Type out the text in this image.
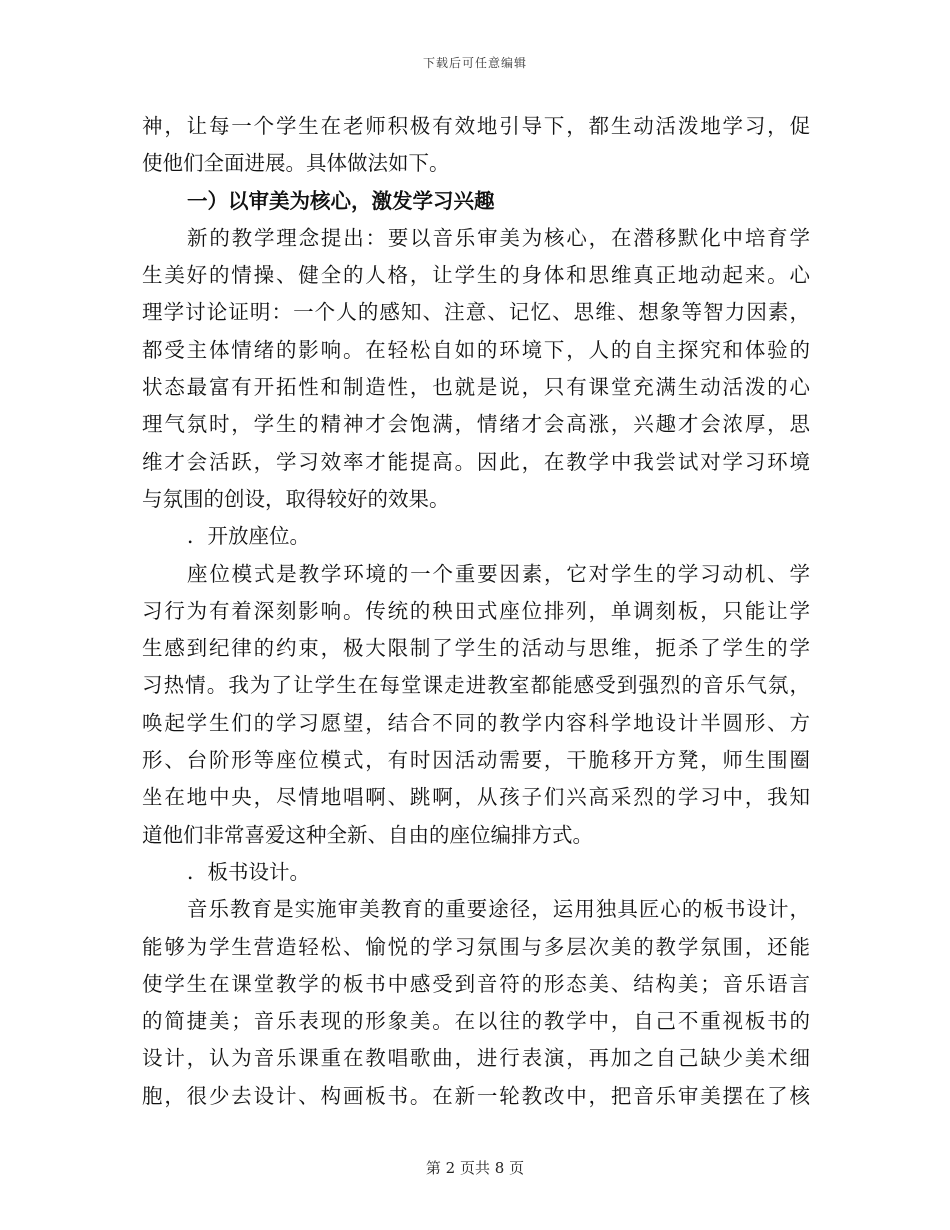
下载后可任意编辑
神，让每一个学生在老师积极有效地引导下，都生动活泼地学习，促
使他们全面进展。具体做法如下。
一）以审美为核心，激发学习兴趣
新的教学理念提出：要以音乐审美为核心，在潜移默化中培育学
生美好的情操、健全的人格，让学生的身体和思维真正地动起来。心
理学讨论证明：一个人的感知、注意、记忆、思维、想象等智力因素，
都受主体情绪的影响。在轻松自如的环境下，人的自主探究和体验的
状态最富有开拓性和制造性，也就是说，只有课堂充满生动活泼的心
理气氛时，学生的精神才会饱满，情绪才会高涨，兴趣才会浓厚，思
维才会活跃，学习效率才能提高。因此，在教学中我尝试对学习环境
与氛围的创设，取得较好的效果。
．开放座位。
座位模式是教学环境的一个重要因素，它对学生的学习动机、学
习行为有着深刻影响。传统的秧田式座位排列，单调刻板，只能让学
生感到纪律的约束，极大限制了学生的活动与思维，扼杀了学生的学
习热情。我为了让学生在每堂课走进教室都能感受到强烈的音乐气氛，
唤起学生们的学习愿望，结合不同的教学内容科学地设计半圆形、方
形、台阶形等座位模式，有时因活动需要，干脆移开方凳，师生围圈
坐在地中央，尽情地唱啊、跳啊，从孩子们兴高采烈的学习中，我知
道他们非常喜爱这种全新、自由的座位编排方式。
．板书设计。
音乐教育是实施审美教育的重要途径，运用独具匠心的板书设计，
能够为学生营造轻松、愉悦的学习氛围与多层次美的教学氛围，还能
使学生在课堂教学的板书中感受到音符的形态美、结构美；音乐语言
的简捷美；音乐表现的形象美。在以往的教学中，自己不重视板书的
设计，认为音乐课重在教唱歌曲，进行表演，再加之自己缺少美术细
胞，很少去设计、构画板书。在新一轮教改中，把音乐审美摆在了核
第 2 页共 8 页
